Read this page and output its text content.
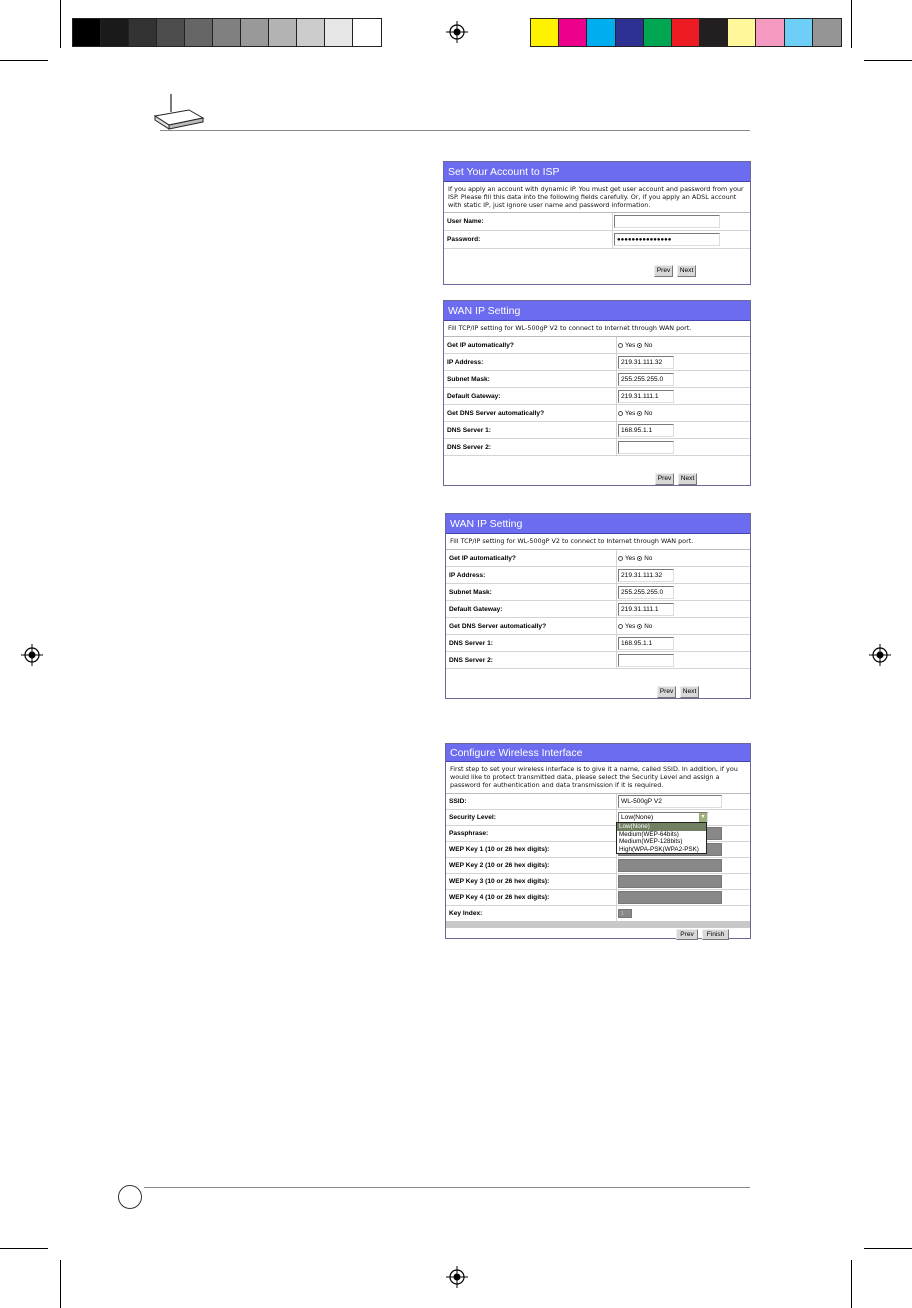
Set Your Account to ISP
If you apply an account with dynamic IP. You must get user account and password from your ISP. Please fill this data into the following fields carefully. Or, if you apply an ADSL account with static IP, just ignore user name and password information.
User Name:
Password:	●●●●●●●●●●●●●●●
Prev	Next
WAN IP Setting
Fill TCP/IP setting for WL-500gP V2 to connect to Internet through WAN port.
Get IP automatically?	Yes No
IP Address:	219.31.111.32
Subnet Mask:	255.255.255.0
Default Gateway:	219.31.111.1
Get DNS Server automatically?	Yes No
DNS Server 1:	168.95.1.1
DNS Server 2:
Prev	Next
WAN IP Setting
Fill TCP/IP setting for WL-500gP V2 to connect to Internet through WAN port.
Get IP automatically?	Yes No
IP Address:	219.31.111.32
Subnet Mask:	255.255.255.0
Default Gateway:	219.31.111.1
Get DNS Server automatically?	Yes No
DNS Server 1:	168.95.1.1
DNS Server 2:
Prev	Next
Configure Wireless Interface
First step to set your wireless interface is to give it a name, called SSID. In addition, if you would like to protect transmitted data, please select the Security Level and assign a password for authentication and data transmission if it is required.
SSID:	WL-500gP V2
Security Level:	Low(None)	▾
Passphrase:
WEP Key 1 (10 or 26 hex digits):
WEP Key 2 (10 or 26 hex digits):
WEP Key 3 (10 or 26 hex digits):
WEP Key 4 (10 or 26 hex digits):
Key Index:	1
Prev	Finish
Low(None)
Medium(WEP-64bits)
Medium(WEP-128bits)
High(WPA-PSK(WPA2-PSK)
